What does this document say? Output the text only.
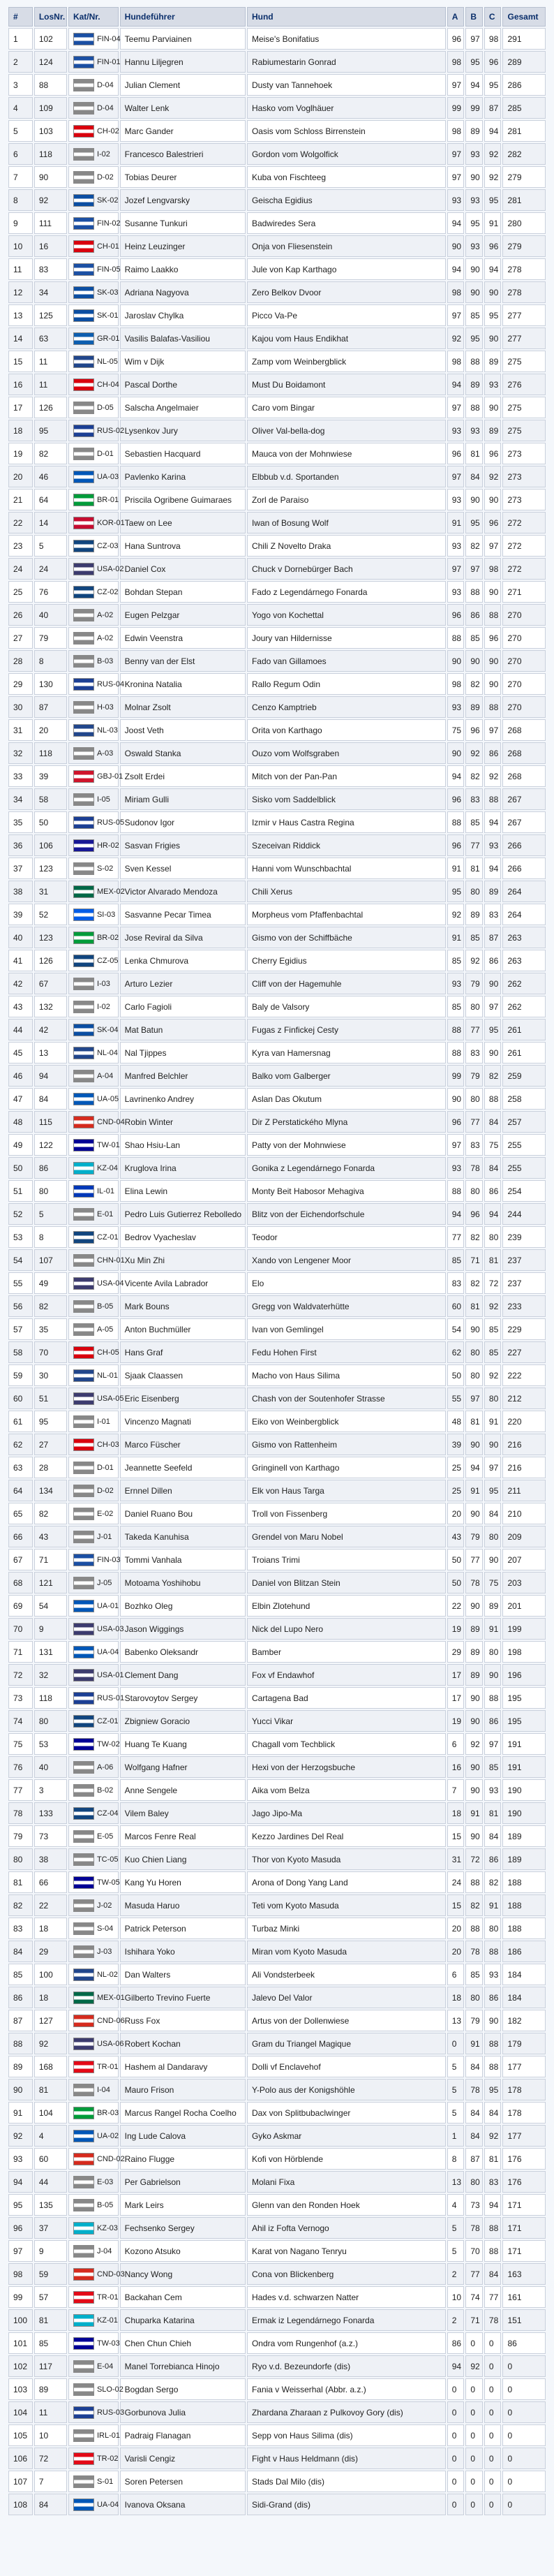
#	LosNr.	Kat/Nr.	Hundeführer	Hund	A	B	C	Gesamt
1	102	FIN-04	Teemu Parviainen	Meise's Bonifatius	96	97	98	291
2	124	FIN-01	Hannu Liljegren	Rabiumestarin Gonrad	98	95	96	289
3	88	D-04	Julian Clement	Dusty van Tannehoek	97	94	95	286
4	109	D-04	Walter Lenk	Hasko vom Voglhäuer	99	99	87	285
5	103	CH-02	Marc Gander	Oasis vom Schloss Birrenstein	98	89	94	281
6	118	I-02	Francesco Balestrieri	Gordon vom Wolgolfick	97	93	92	282
7	90	D-02	Tobias Deurer	Kuba von Fischteeg	97	90	92	279
8	92	SK-02	Jozef Lengvarsky	Geischa Egidius	93	93	95	281
9	111	FIN-02	Susanne Tunkuri	Badwiredes Sera	94	95	91	280
10	16	CH-01	Heinz Leuzinger	Onja von Fliesenstein	90	93	96	279
11	83	FIN-05	Raimo Laakko	Jule von Kap Karthago	94	90	94	278
12	34	SK-03	Adriana Nagyova	Zero Belkov Dvoor	98	90	90	278
13	125	SK-01	Jaroslav Chylka	Picco Va-Pe	97	85	95	277
14	63	GR-01	Vasilis Balafas-Vasiliou	Kajou vom Haus Endikhat	92	95	90	277
15	11	NL-05	Wim v Dijk	Zamp vom Weinbergblick	98	88	89	275
16	11	CH-04	Pascal Dorthe	Must Du Boidamont	94	89	93	276
17	126	D-05	Salscha Angelmaier	Caro vom Bingar	97	88	90	275
18	95	RUS-02	Lysenkov Jury	Oliver Val-bella-dog	93	93	89	275
19	82	D-01	Sebastien Hacquard	Mauca von der Mohnwiese	96	81	96	273
20	46	UA-03	Pavlenko Karina	Elbbub v.d. Sportanden	97	84	92	273
21	64	BR-01	Priscila Ogribene Guimaraes	Zorl de Paraiso	93	90	90	273
22	14	KOR-01	Taew on Lee	Iwan of Bosung Wolf	91	95	96	272
23	5	CZ-03	Hana Suntrova	Chili Z Novelto Draka	93	82	97	272
24	24	USA-02	Daniel Cox	Chuck v Dornebürger Bach	97	97	98	272
25	76	CZ-02	Bohdan Stepan	Fado z Legendárnego Fonarda	93	88	90	271
26	40	A-02	Eugen Pelzgar	Yogo von Kochettal	96	86	88	270
27	79	A-02	Edwin Veenstra	Joury van Hildernisse	88	85	96	270
28	8	B-03	Benny van der Elst	Fado van Gillamoes	90	90	90	270
29	130	RUS-04	Kronina Natalia	Rallo Regum Odin	98	82	90	270
30	87	H-03	Molnar Zsolt	Cenzo Kamptrieb	93	89	88	270
31	20	NL-03	Joost Veth	Orita von Karthago	75	96	97	268
32	118	A-03	Oswald Stanka	Ouzo vom Wolfsgraben	90	92	86	268
33	39	GBJ-01	Zsolt Erdei	Mitch von der Pan-Pan	94	82	92	268
34	58	I-05	Miriam Gulli	Sisko vom Saddelblick	96	83	88	267
35	50	RUS-05	Sudonov Igor	Izmir v Haus Castra Regina	88	85	94	267
36	106	HR-02	Sasvan Frigies	Szeceivan Riddick	96	77	93	266
37	123	S-02	Sven Kessel	Hanni vom Wunschbachtal	91	81	94	266
38	31	MEX-02	Victor Alvarado Mendoza	Chili Xerus	95	80	89	264
39	52	SI-03	Sasvanne Pecar Timea	Morpheus vom Pfaffenbachtal	92	89	83	264
40	123	BR-02	Jose Reviral da Silva	Gismo von der Schiffbäche	91	85	87	263
41	126	CZ-05	Lenka Chmurova	Cherry Egidius	85	92	86	263
42	67	I-03	Arturo Lezier	Cliff von der Hagemuhle	93	79	90	262
43	132	I-02	Carlo Fagioli	Baly de Valsory	85	80	97	262
44	42	SK-04	Mat Batun	Fugas z Finfickej Cesty	88	77	95	261
45	13	NL-04	Nal Tjippes	Kyra van Hamersnag	88	83	90	261
46	94	A-04	Manfred Belchler	Balko vom Galberger	99	79	82	259
47	84	UA-05	Lavrinenko Andrey	Aslan Das Okutum	90	80	88	258
48	115	CND-04	Robin Winter	Dir Z Perstatického Mlyna	96	77	84	257
49	122	TW-01	Shao Hsiu-Lan	Patty von der Mohnwiese	97	83	75	255
50	86	KZ-04	Kruglova Irina	Gonika z Legendárnego Fonarda	93	78	84	255
51	80	IL-01	Elina Lewin	Monty Beit Habosor Mehagiva	88	80	86	254
52	5	E-01	Pedro Luis Gutierrez Rebolledo	Blitz von der Eichendorfschule	94	96	94	244
53	8	CZ-01	Bedrov Vyacheslav	Teodor	77	82	80	239
54	107	CHN-01	Xu Min Zhi	Xando von Lengener Moor	85	71	81	237
55	49	USA-04	Vicente Avila Labrador	Elo	83	82	72	237
56	82	B-05	Mark Bouns	Gregg von Waldvaterhütte	60	81	92	233
57	35	A-05	Anton Buchmüller	Ivan von Gemlingel	54	90	85	229
58	70	CH-05	Hans Graf	Fedu Hohen First	62	80	85	227
59	30	NL-01	Sjaak Claassen	Macho von Haus Silima	50	80	92	222
60	51	USA-05	Eric Eisenberg	Chash von der Soutenhofer Strasse	55	97	80	212
61	95	I-01	Vincenzo Magnati	Eiko von Weinbergblick	48	81	91	220
62	27	CH-03	Marco Füscher	Gismo von Rattenheim	39	90	90	216
63	28	D-01	Jeannette Seefeld	Gringinell von Karthago	25	94	97	216
64	134	D-02	Ernnel Dillen	Elk von Haus Targa	25	91	95	211
65	82	E-02	Daniel Ruano Bou	Troll von Fissenberg	20	90	84	210
66	43	J-01	Takeda Kanuhisa	Grendel von Maru Nobel	43	79	80	209
67	71	FIN-03	Tommi Vanhala	Troians Trimi	50	77	90	207
68	121	J-05	Motoama Yoshihobu	Daniel von Blitzan Stein	50	78	75	203
69	54	UA-01	Bozhko Oleg	Elbin Zlotehund	22	90	89	201
70	9	USA-03	Jason Wiggings	Nick del Lupo Nero	19	89	91	199
71	131	UA-04	Babenko Oleksandr	Bamber	29	89	80	198
72	32	USA-01	Clement Dang	Fox vf Endawhof	17	89	90	196
73	118	RUS-01	Starovoytov Sergey	Cartagena Bad	17	90	88	195
74	80	CZ-01	Zbigniew Goracio	Yucci Vikar	19	90	86	195
75	53	TW-02	Huang Te Kuang	Chagall vom Techblick	6	92	97	191
76	40	A-06	Wolfgang Hafner	Hexi von der Herzogsbuche	16	90	85	191
77	3	B-02	Anne Sengele	Aika vom Belza	7	90	93	190
78	133	CZ-04	Vilem Baley	Jago Jipo-Ma	18	91	81	190
79	73	E-05	Marcos Fenre Real	Kezzo Jardines Del Real	15	90	84	189
80	38	TC-05	Kuo Chien Liang	Thor von Kyoto Masuda	31	72	86	189
81	66	TW-05	Kang Yu Horen	Arona of Dong Yang Land	24	88	82	188
82	22	J-02	Masuda Haruo	Teti vom Kyoto Masuda	15	82	91	188
83	18	S-04	Patrick Peterson	Turbaz Minki	20	88	80	188
84	29	J-03	Ishihara Yoko	Miran vom Kyoto Masuda	20	78	88	186
85	100	NL-02	Dan Walters	Ali Vondsterbeek	6	85	93	184
86	18	MEX-01	Gilberto Trevino Fuerte	Jalevo Del Valor	18	80	86	184
87	127	CND-06	Russ Fox	Artus von der Dollenwiese	13	79	90	182
88	92	USA-06	Robert Kochan	Gram du Triangel Magique	0	91	88	179
89	168	TR-01	Hashem al Dandaravy	Dolli vf Enclavehof	5	84	88	177
90	81	I-04	Mauro Frison	Y-Polo aus der Konigshöhle	5	78	95	178
91	104	BR-03	Marcus Rangel Rocha Coelho	Dax von Splitbubaclwinger	5	84	84	178
92	4	UA-02	Ing Lude Calova	Gyko Askmar	1	84	92	177
93	60	CND-02	Raino Flugge	Kofi von Hörblende	8	87	81	176
94	44	E-03	Per Gabrielson	Molani Fixa	13	80	83	176
95	135	B-05	Mark Leirs	Glenn van den Ronden Hoek	4	73	94	171
96	37	KZ-03	Fechsenko Sergey	Ahil iz Fofta Vernogo	5	78	88	171
97	9	J-04	Kozono Atsuko	Karat von Nagano Tenryu	5	70	88	171
98	59	CND-03	Nancy Wong	Cona von Blickenberg	2	77	84	163
99	57	TR-01	Backahan Cem	Hades v.d. schwarzen Natter	10	74	77	161
100	81	KZ-01	Chuparka Katarina	Ermak iz Legendárnego Fonarda	2	71	78	151
101	85	TW-03	Chen Chun Chieh	Ondra vom Rungenhof (a.z.)	86	0	0	86
102	117	E-04	Manel Torrebianca Hinojo	Ryo v.d. Bezeundorfe (dis)	94	92	0	0
103	89	SLO-02	Bogdan Sergo	Fania v Weisserhal (Abbr. a.z.)	0	0	0	0
104	11	RUS-03	Gorbunova Julia	Zhardana Zharaan z Pulkovoy Gory (dis)	0	0	0	0
105	10	IRL-01	Padraig Flanagan	Sepp von Haus Silima (dis)	0	0	0	0
106	72	TR-02	Varisli Cengiz	Fight v Haus Heldmann (dis)	0	0	0	0
107	7	S-01	Soren Petersen	Stads Dal Milo (dis)	0	0	0	0
108	84	UA-04	Ivanova Oksana	Sidi-Grand (dis)	0	0	0	0
